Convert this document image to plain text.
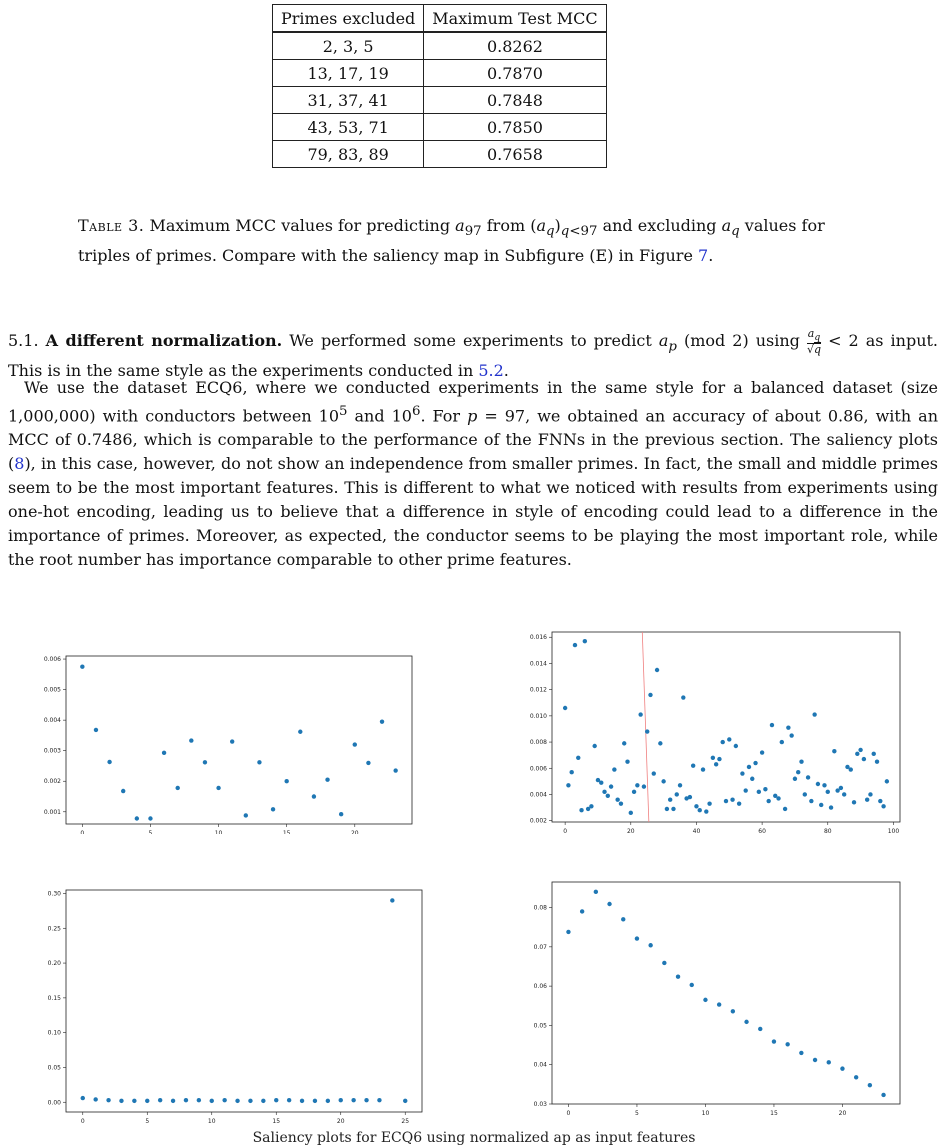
Primes excluded	Maximum Test MCC
2, 3, 5	0.8262
13, 17, 19	0.7870
31, 37, 41	0.7848
43, 53, 71	0.7850
79, 83, 89	0.7658
Table 3. Maximum MCC values for predicting $a_{97}$ from $(a_q)_{q<97}$ and excluding $a_q$ values for triples of primes. Compare with the saliency map in Subfigure (E) in Figure 7.
5.1. A different normalization. We performed some experiments to predict $a_p$ (mod 2) using $\frac{a_q}{√q} < 2$ as input. This is in the same style as the experiments conducted in 5.2.
We use the dataset ECQ6, where we conducted experiments in the same style for a balanced dataset (size 1,000,000) with conductors between $10^5$ and $10^6$. For p = 97, we obtained an accuracy of about 0.86, with an MCC of 0.7486, which is comparable to the performance of the FNNs in the previous section. The saliency plots (8), in this case, however, do not show an independence from smaller primes. In fact, the small and middle primes seem to be the most important features. This is different to what we noticed with results from experiments using one-hot encoding, leading us to believe that a difference in style of encoding could lead to a difference in the importance of primes. Moreover, as expected, the conductor seems to be playing the most important role, while the root number has importance comparable to other prime features.
0	5	10	15	20
0.001
0.002
0.003
0.004
0.005
0.006
0	20	40	60	80	100
0.002
0.004
0.006
0.008
0.010
0.012
0.014
0.016
0	5	10	15	20	25
0.00
0.05
0.10
0.15
0.20
0.25
0.30
0	5	10	15	20
0.03
0.04
0.05
0.06
0.07
0.08
Saliency plots for ECQ6 using normalized ap as input features
